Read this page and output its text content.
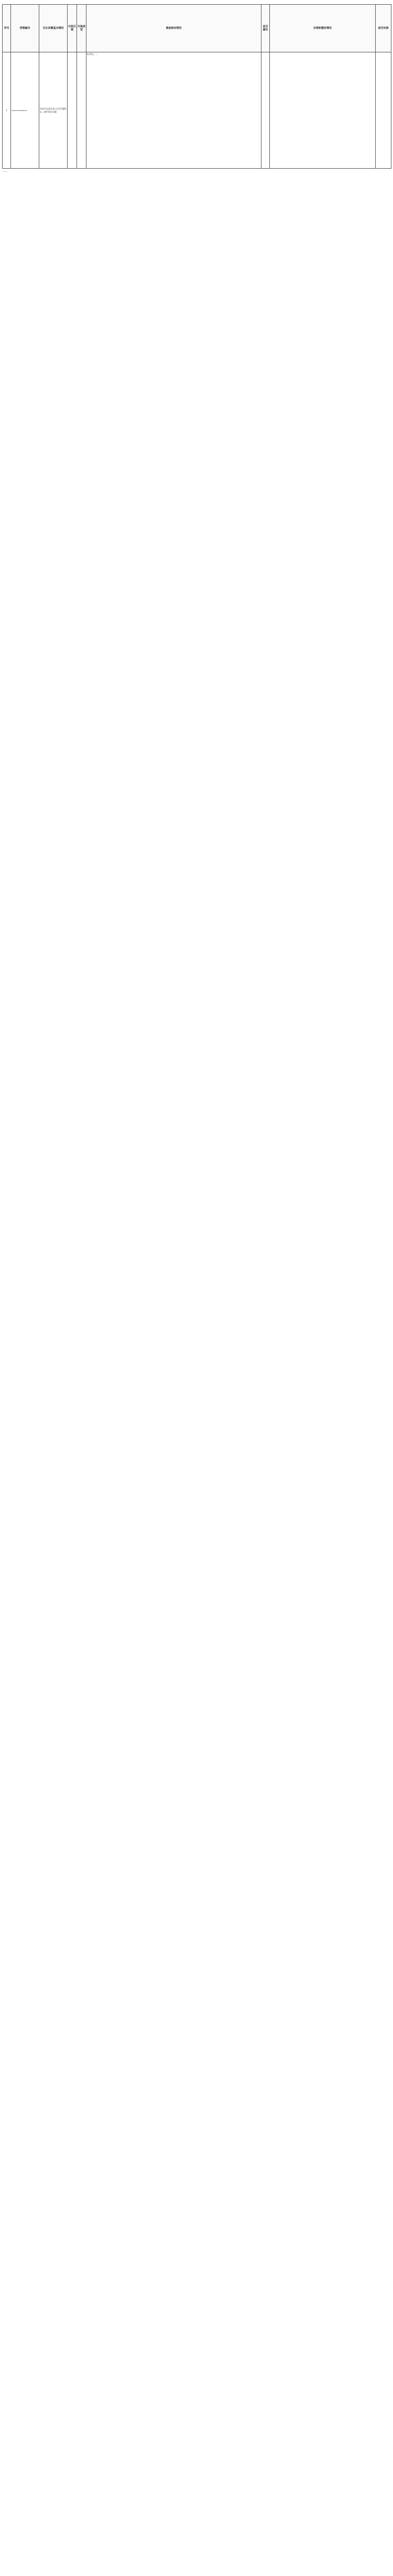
序号	受理编号	交办问题基本情况	行政区域	污染类型	调查核实情况	是否属实	处理和整改情况	是否问责
1	D3JS202306090041	济南市长清区某小区3号楼附近…噪声扰民问题			6月9日，…			

……
